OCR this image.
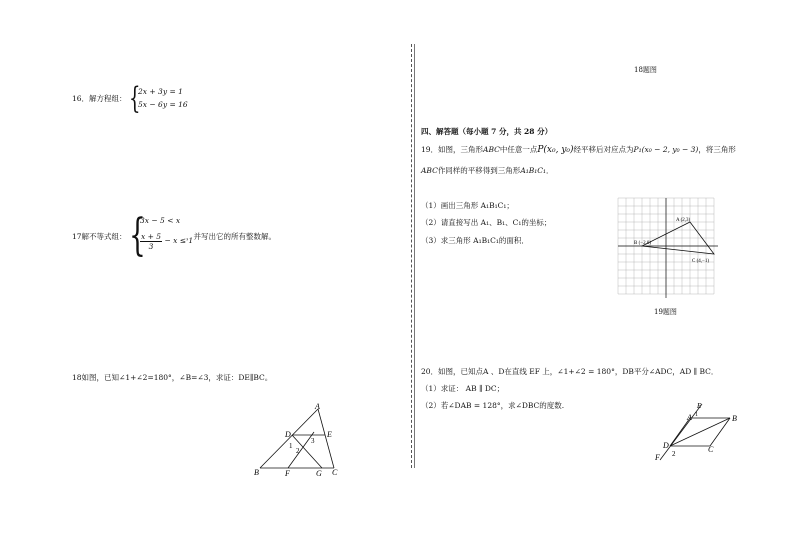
16．解方程组： {
2x + 3y = 1
5x − 6y = 16
17解不等式组： {
3x − 5 < x
$\frac{x + 5}{3} - x \le 1$
，并写出它的所有整数解。
18如图，已知∠1+∠2=180°，∠B=∠3，求证：DE∥BC。
A
B	C
D	E
F	G
1
2
3
18题图
四、解答题（每小题 7 分，共 28 分）
19．如图，三角形ABC中任意一点P(x₀, y₀)经平移后对应点为P₁(x₀ − 2, y₀ − 3)，将三角形
ABC作同样的平移得到三角形A₁B₁C₁．
（1）画出三角形 A₁B₁C₁；
（2）请直接写出 A₁、B₁、C₁的坐标；
（3）求三角形 A₁B₁C₁的面积．
A (2,3)
B (−2,0)
C (4,−1)
19题图
20．如图，已知点A 、D在直线 EF 上，∠1+∠2 = 180°，DB平分∠ADC，AD ∥ BC．
（1）求证： AB ∥ DC；
（2）若∠DAB = 128°，求∠DBC的度数.
A	B
C
D
E
F
1
2
